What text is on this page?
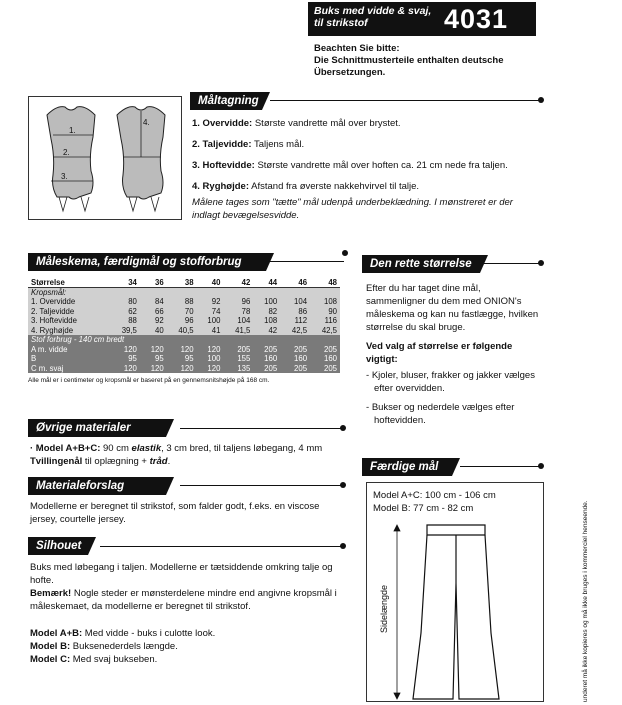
Buks med vidde & svaj, til strikstof	4031
Beachten Sie bitte:
Die Schnittmusterteile enthalten deutsche
Übersetzungen.
1.
2.
3.
4.
Måltagning
1. Overvidde: Største vandrette mål over brystet.
2. Taljevidde: Taljens mål.
3. Hoftevidde: Største vandrette mål over hoften ca. 21 cm nede fra taljen.
4. Ryghøjde: Afstand fra øverste nakkehvirvel til talje.
Målene tages som "tætte" mål udenpå underbeklædning. I mønstreret er der indlagt bevægelsesvidde.
Måleskema, færdigmål og stofforbrug
Størrelse	34	36	38	40	42	44	46	48
Kropsmål:								
1. Overvidde	80	84	88	92	96	100	104	108
2. Taljevidde	62	66	70	74	78	82	86	90
3. Hoftevidde	88	92	96	100	104	108	112	116
4. Ryghøjde	39,5	40	40,5	41	41,5	42	42,5	42,5
Stof forbrug - 140 cm bredt								
A m. vidde	120	120	120	120	205	205	205	205
B	95	95	95	100	155	160	160	160
C m. svaj	120	120	120	120	135	205	205	205
Alle mål er i centimeter og kropsmål er baseret på en gennemsnitshøjde på 168 cm.
Øvrige materialer
· Model A+B+C: 90 cm elastik, 3 cm bred, til taljens løbegang, 4 mm Tvillingenål til oplægning + tråd.
Materialeforslag
Modellerne er beregnet til strikstof, som falder godt, f.eks. en viscose jersey, courtelle jersey.
Silhouet
Buks med løbegang i taljen. Modellerne er tætsiddende omkring talje og hofte.
Bemærk! Nogle steder er mønsterdelene mindre end angivne kropsmål i måleskemaet, da modellerne er beregnet til strikstof.
Model A+B: Med vidde - buks i culotte look.
Model B: Buksenederdels længde.
Model C: Med svaj bukseben.
Den rette størrelse
Efter du har taget dine mål, sammenligner du dem med ONION's måleskema og kan nu fastlægge, hvilken størrelse du skal bruge.
Ved valg af størrelse er følgende vigtigt:
- Kjoler, bluser, frakker og jakker vælges efter overvidden.
- Bukser og nederdele vælges efter hoftevidden.
Færdige mål
Model A+C: 100 cm - 106 cm
Model B: 77 cm - 82 cm
Sidelængde	underet må ikke kopieres og må ikke bruges i kommerciel henseende.
